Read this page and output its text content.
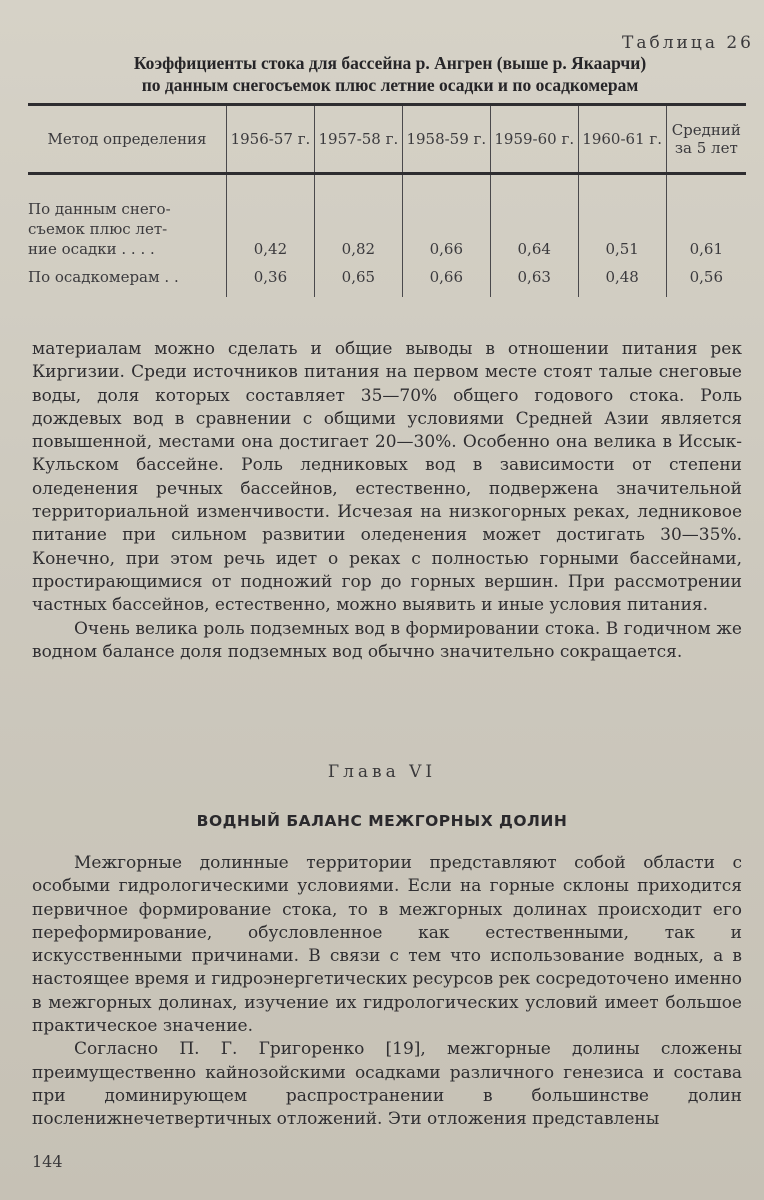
Таблица 26
Коэффициенты стока для бассейна р. Ангрен (выше р. Якаарчи)
по данным снегосъемок плюс летние осадки и по осадкомерам
Метод определения	1956-57 г.	1957-58 г.	1958-59 г.	1959-60 г.	1960-61 г.	Средний
за 5 лет

По данным снего-
съемок плюс лет-
ние осадки . . . .	0,42	0,82	0,66	0,64	0,51	0,61
По осадкомерам . .	0,36	0,65	0,66	0,63	0,48	0,56

материалам можно сделать и общие выводы в отношении питания рек Киргизии. Среди источников питания на первом месте стоят талые снеговые воды, доля которых составляет 35—70% общего годового стока. Роль дождевых вод в сравнении с общими условиями Средней Азии является повышенной, местами она достигает 20—30%. Особенно она велика в Иссык-Кульском бассейне. Роль ледниковых вод в зависимости от степени оледенения речных бассейнов, естественно, подвержена значительной территориальной изменчивости. Исчезая на низкогорных реках, ледниковое питание при сильном развитии оледенения может достигать 30—35%. Конечно, при этом речь идет о реках с полностью горными бассейнами, простирающимися от подножий гор до горных вершин. При рассмотрении частных бассейнов, естественно, можно выявить и иные условия питания.

Очень велика роль подземных вод в формировании стока. В годичном же водном балансе доля подземных вод обычно значительно сокращается.

Глава VI
ВОДНЫЙ БАЛАНС МЕЖГОРНЫХ ДОЛИН

Межгорные долинные территории представляют собой области с особыми гидрологическими условиями. Если на горные склоны приходится первичное формирование стока, то в межгорных долинах происходит его переформирование, обусловленное как естественными, так и искусственными причинами. В связи с тем что использование водных, а в настоящее время и гидроэнергетических ресурсов рек сосредоточено именно в межгорных долинах, изучение их гидрологических условий имеет большое практическое значение.

Согласно П. Г. Григоренко [19], межгорные долины сложены преимущественно кайнозойскими осадками различного генезиса и состава при доминирующем распространении в большинстве долин посленижнечетвертичных отложений. Эти отложения представлены

144
